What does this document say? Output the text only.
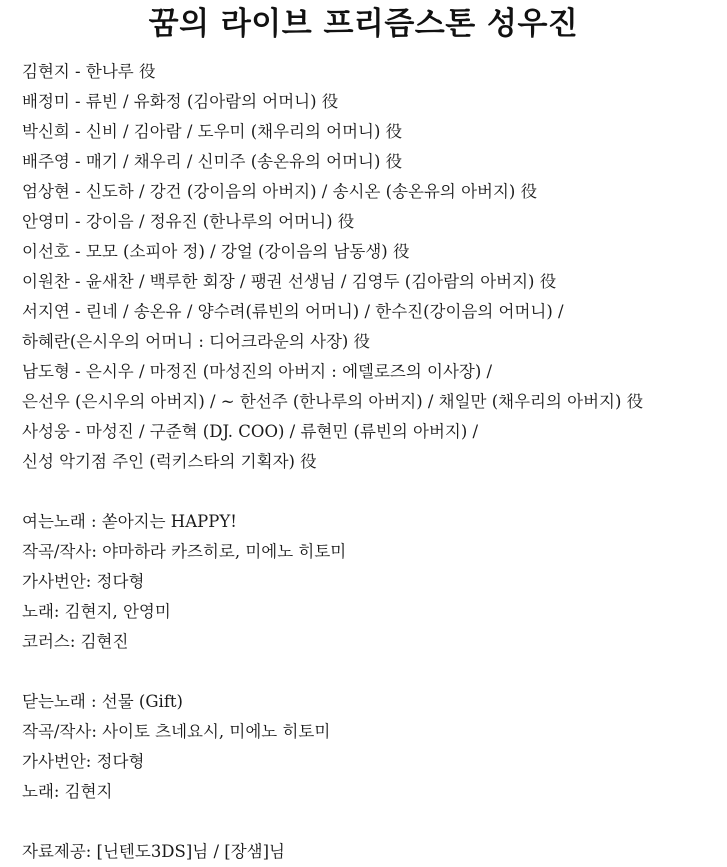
꿈의 라이브 프리즘스톤 성우진
김현지 - 한나루 役
배정미 - 류빈 / 유화정 (김아람의 어머니) 役
박신희 - 신비 / 김아람 / 도우미 (채우리의 어머니) 役
배주영 - 매기 / 채우리 / 신미주 (송온유의 어머니) 役
엄상현 - 신도하 / 강건 (강이음의 아버지) / 송시온 (송온유의 아버지) 役
안영미 - 강이음 / 정유진 (한나루의 어머니) 役
이선호 - 모모 (소피아 정) / 강얼 (강이음의 남동생) 役
이원찬 - 윤새찬 / 백루한 회장 / 팽권 선생님 / 김영두 (김아람의 아버지) 役
서지연 - 린네 / 송온유 / 양수려(류빈의 어머니) / 한수진(강이음의 어머니) /
하혜란(은시우의 어머니 : 디어크라운의 사장) 役
남도형 - 은시우 / 마정진 (마성진의 아버지 : 에델로즈의 이사장) /
은선우 (은시우의 아버지) / ~ 한선주 (한나루의 아버지) / 채일만 (채우리의 아버지) 役
사성웅 - 마성진 / 구준혁 (DJ. COO) / 류현민 (류빈의 아버지) /
신성 악기점 주인 (럭키스타의 기획자) 役
여는노래 : 쏟아지는 HAPPY!
작곡/작사: 야마하라 카즈히로, 미에노 히토미
가사번안: 정다형
노래: 김현지, 안영미
코러스: 김현진
닫는노래 : 선물 (Gift)
작곡/작사: 사이토 츠네요시, 미에노 히토미
가사번안: 정다형
노래: 김현지
자료제공: [닌텐도3DS]님 / [장샘]님
